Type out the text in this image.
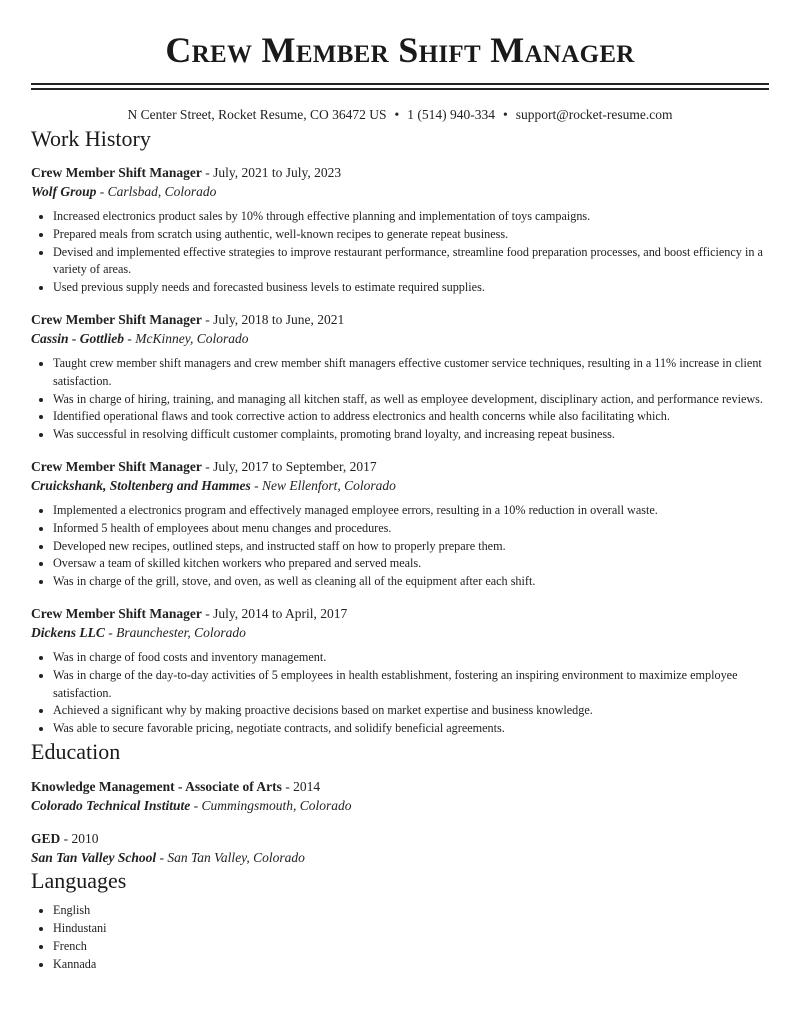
Crew Member Shift Manager
N Center Street, Rocket Resume, CO 36472 US • 1 (514) 940-334 • support@rocket-resume.com
Work History
Crew Member Shift Manager - July, 2021 to July, 2023
Wolf Group - Carlsbad, Colorado
• Increased electronics product sales by 10% through effective planning and implementation of toys campaigns.
• Prepared meals from scratch using authentic, well-known recipes to generate repeat business.
• Devised and implemented effective strategies to improve restaurant performance, streamline food preparation processes, and boost efficiency in a variety of areas.
• Used previous supply needs and forecasted business levels to estimate required supplies.
Crew Member Shift Manager - July, 2018 to June, 2021
Cassin - Gottlieb - McKinney, Colorado
• Taught crew member shift managers and crew member shift managers effective customer service techniques, resulting in a 11% increase in client satisfaction.
• Was in charge of hiring, training, and managing all kitchen staff, as well as employee development, disciplinary action, and performance reviews.
• Identified operational flaws and took corrective action to address electronics and health concerns while also facilitating which.
• Was successful in resolving difficult customer complaints, promoting brand loyalty, and increasing repeat business.
Crew Member Shift Manager - July, 2017 to September, 2017
Cruickshank, Stoltenberg and Hammes - New Ellenfort, Colorado
• Implemented a electronics program and effectively managed employee errors, resulting in a 10% reduction in overall waste.
• Informed 5 health of employees about menu changes and procedures.
• Developed new recipes, outlined steps, and instructed staff on how to properly prepare them.
• Oversaw a team of skilled kitchen workers who prepared and served meals.
• Was in charge of the grill, stove, and oven, as well as cleaning all of the equipment after each shift.
Crew Member Shift Manager - July, 2014 to April, 2017
Dickens LLC - Braunchester, Colorado
• Was in charge of food costs and inventory management.
• Was in charge of the day-to-day activities of 5 employees in health establishment, fostering an inspiring environment to maximize employee satisfaction.
• Achieved a significant why by making proactive decisions based on market expertise and business knowledge.
• Was able to secure favorable pricing, negotiate contracts, and solidify beneficial agreements.
Education
Knowledge Management - Associate of Arts - 2014
Colorado Technical Institute - Cummingsmouth, Colorado
GED - 2010
San Tan Valley School - San Tan Valley, Colorado
Languages
• English
• Hindustani
• French
• Kannada
